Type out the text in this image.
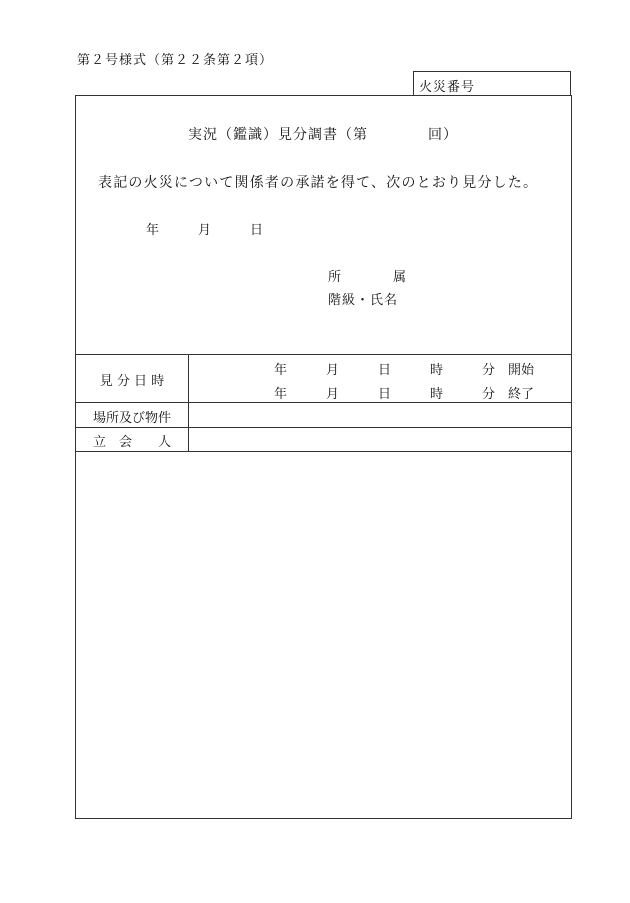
第２号様式（第２２条第２項）
火災番号
実況（鑑識）見分調書（第　　　　回）
表記の火災について関係者の承諾を得て、次のとおり見分した。
年　　　月　　　日
所　　　　属
階級・氏名
見 分 日 時
年　　　月　　　日　　　時　　　分　開始
年　　　月　　　日　　　時　　　分　終了
場所及び物件
立　会　　人
